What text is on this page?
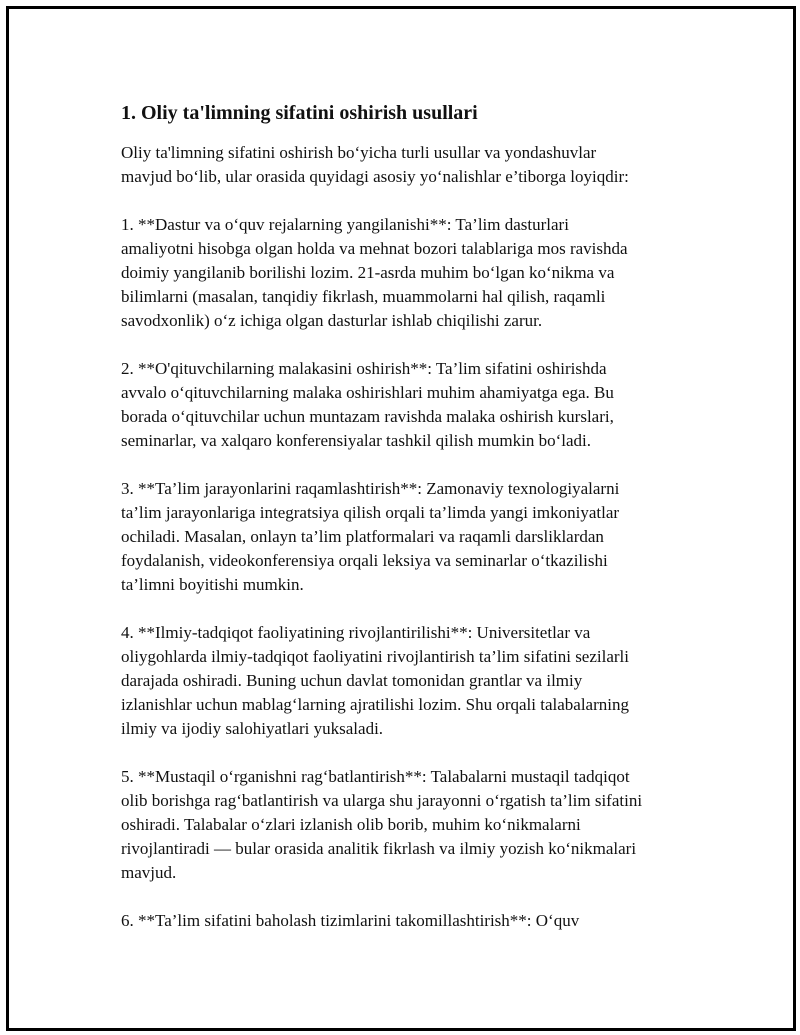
1. Oliy ta'limning sifatini oshirish usullari

Oliy ta'limning sifatini oshirish bo‘yicha turli usullar va yondashuvlar
mavjud bo‘lib, ular orasida quyidagi asosiy yo‘nalishlar e’tiborga loyiqdir:

1. **Dastur va o‘quv rejalarning yangilanishi**: Ta’lim dasturlari
amaliyotni hisobga olgan holda va mehnat bozori talablariga mos ravishda
doimiy yangilanib borilishi lozim. 21-asrda muhim bo‘lgan ko‘nikma va
bilimlarni (masalan, tanqidiy fikrlash, muammolarni hal qilish, raqamli
savodxonlik) o‘z ichiga olgan dasturlar ishlab chiqilishi zarur.

2. **O'qituvchilarning malakasini oshirish**: Ta’lim sifatini oshirishda
avvalo o‘qituvchilarning malaka oshirishlari muhim ahamiyatga ega. Bu
borada o‘qituvchilar uchun muntazam ravishda malaka oshirish kurslari,
seminarlar, va xalqaro konferensiyalar tashkil qilish mumkin bo‘ladi.

3. **Ta’lim jarayonlarini raqamlashtirish**: Zamonaviy texnologiyalarni
ta’lim jarayonlariga integratsiya qilish orqali ta’limda yangi imkoniyatlar
ochiladi. Masalan, onlayn ta’lim platformalari va raqamli darsliklardan
foydalanish, videokonferensiya orqali leksiya va seminarlar o‘tkazilishi
ta’limni boyitishi mumkin.

4. **Ilmiy-tadqiqot faoliyatining rivojlantirilishi**: Universitetlar va
oliygohlarda ilmiy-tadqiqot faoliyatini rivojlantirish ta’lim sifatini sezilarli
darajada oshiradi. Buning uchun davlat tomonidan grantlar va ilmiy
izlanishlar uchun mablag‘larning ajratilishi lozim. Shu orqali talabalarning
ilmiy va ijodiy salohiyatlari yuksaladi.

5. **Mustaqil o‘rganishni rag‘batlantirish**: Talabalarni mustaqil tadqiqot
olib borishga rag‘batlantirish va ularga shu jarayonni o‘rgatish ta’lim sifatini
oshiradi. Talabalar o‘zlari izlanish olib borib, muhim ko‘nikmalarni
rivojlantiradi — bular orasida analitik fikrlash va ilmiy yozish ko‘nikmalari
mavjud.

6. **Ta’lim sifatini baholash tizimlarini takomillashtirish**: O‘quv
